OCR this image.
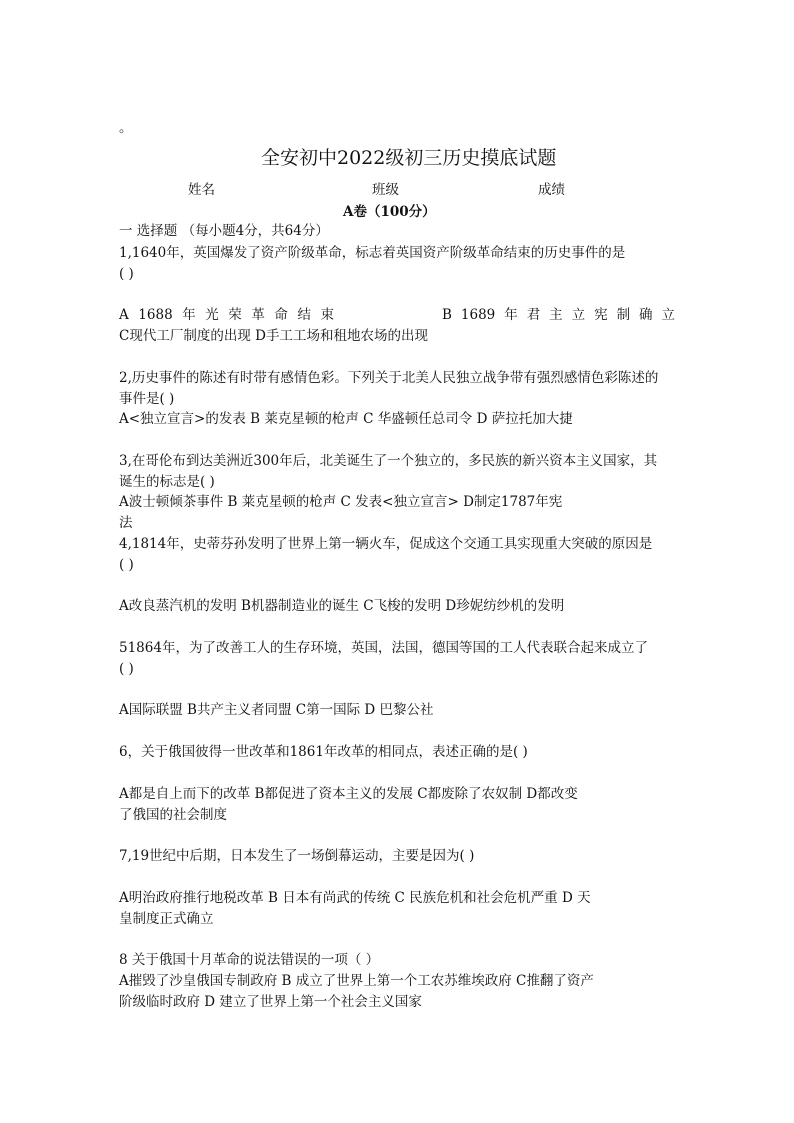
。
全安初中2022级初三历史摸底试题
姓名	班级	成绩
A卷（100分）
一 选择题 （每小题4分，共64分）
1,1640年，英国爆发了资产阶级革命，标志着英国资产阶级革命结束的历史事件的是
( )
A 1688 年 光 荣 革 命 结 束	B 1689 年 君 主 立 宪 制 确 立
C现代工厂制度的出现 D手工工场和租地农场的出现
2,历史事件的陈述有时带有感情色彩。下列关于北美人民独立战争带有强烈感情色彩陈述的
事件是( )
A<独立宣言>的发表 B 莱克星顿的枪声 C 华盛顿任总司令 D 萨拉托加大捷
3,在哥伦布到达美洲近300年后，北美诞生了一个独立的，多民族的新兴资本主义国家，其
诞生的标志是( )
A波士顿倾茶事件 B 莱克星顿的枪声 C 发表<独立宣言> D制定1787年宪
法
4,1814年，史蒂芬孙发明了世界上第一辆火车，促成这个交通工具实现重大突破的原因是
( )
A改良蒸汽机的发明 B机器制造业的诞生 C飞梭的发明 D珍妮纺纱机的发明
51864年，为了改善工人的生存环境，英国，法国，德国等国的工人代表联合起来成立了
( )
A国际联盟 B共产主义者同盟 C第一国际 D 巴黎公社
6，关于俄国彼得一世改革和1861年改革的相同点，表述正确的是( )
A都是自上而下的改革 B都促进了资本主义的发展 C都废除了农奴制 D都改变
了俄国的社会制度
7,19世纪中后期，日本发生了一场倒幕运动，主要是因为( )
A明治政府推行地税改革 B 日本有尚武的传统 C 民族危机和社会危机严重 D 天
皇制度正式确立
8 关于俄国十月革命的说法错误的一项（ ）
A摧毁了沙皇俄国专制政府 B 成立了世界上第一个工农苏维埃政府 C推翻了资产
阶级临时政府 D 建立了世界上第一个社会主义国家
